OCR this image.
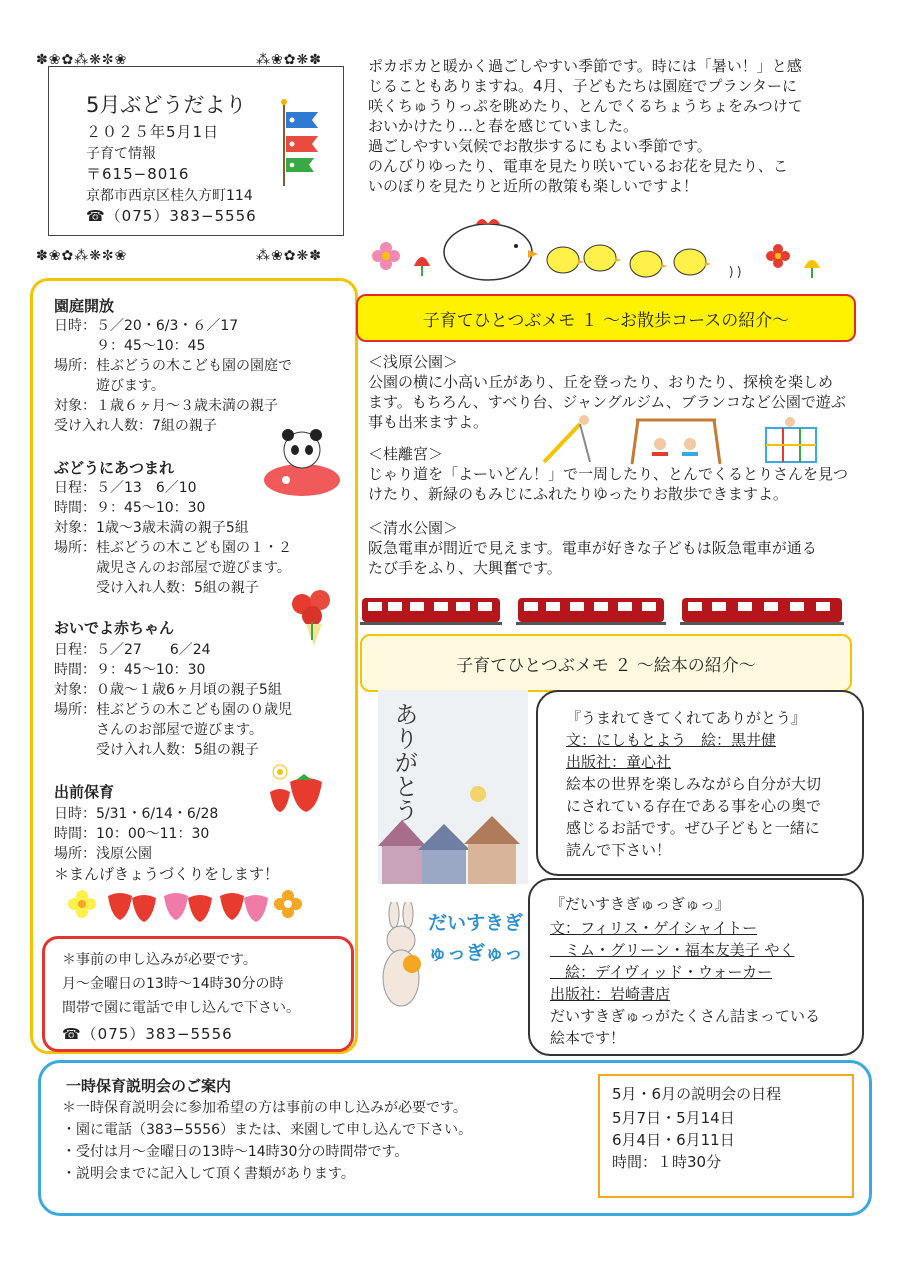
✽❀✿⁂❋✼❀	⁂❀✿❋✽
✽❀✿⁂❋✼❀	⁂❀✿❋✽
5月ぶどうだより
２０２５年5月1日
子育て情報
〒615−8016
京都市西京区桂久方町114
☎（075）383−5556
ポカポカと暖かく過ごしやすい季節です。時には「暑い！」と感
じることもありますね。4月、子どもたちは園庭でプランターに
咲くちゅうりっぷを眺めたり、とんでくるちょうちょをみつけて
おいかけたり…と春を感じていました。
過ごしやすい気候でお散歩するにもよい季節です。
のんびりゆったり、電車を見たり咲いているお花を見たり、こ
いのぼりを見たりと近所の散策も楽しいですよ！
園庭開放
日時：５／20・6/3・６／17
　　　９：45〜10：45
場所：桂ぶどうの木こども園の園庭で
　　　遊びます。
対象：１歳６ヶ月〜３歳未満の親子
受け入れ人数：7組の親子
ぶどうにあつまれ
日程：５／13　6／10
時間：９：45〜10：30
対象：1歳〜3歳未満の親子5組
場所：桂ぶどうの木こども園の１・２
　　　歳児さんのお部屋で遊びます。
　　　受け入れ人数：5組の親子
おいでよ赤ちゃん
日程：５／27　　6／24
時間：９：45〜10：30
対象：０歳〜１歳6ヶ月頃の親子5組
場所：桂ぶどうの木こども園の０歳児
　　　さんのお部屋で遊びます。
　　　受け入れ人数：5組の親子
出前保育
日時：5/31・6/14・6/28
時間：10：00〜11：30
場所：浅原公園
＊まんげきょうづくりをします！
＊事前の申し込みが必要です。
月〜金曜日の13時〜14時30分の時
間帯で園に電話で申し込んで下さい。
☎（075）383−5556
子育てひとつぶメモ １ 〜お散歩コースの紹介〜
＜浅原公園＞
公園の横に小高い丘があり、丘を登ったり、おりたり、探検を楽しめ
ます。もちろん、すべり台、ジャングルジム、ブランコなど公園で遊ぶ
事も出来ますよ。
＜桂離宮＞
じゃり道を「よーいどん！」で一周したり、とんでくるとりさんを見つ
けたり、新緑のもみじにふれたりゆったりお散歩できますよ。
＜清水公園＞
阪急電車が間近で見えます。電車が好きな子どもは阪急電車が通る
たび手をふり、大興奮です。
子育てひとつぶメモ ２ 〜絵本の紹介〜
ありがとう	『うまれてきてくれてありがとう』
文：にしもとよう　絵：黒井健
出版社：童心社
絵本の世界を楽しみながら自分が大切
にされている存在である事を心の奥で
感じるお話です。ぜひ子どもと一緒に
読んで下さい！
だいすきぎゅっぎゅっ
『だいすきぎゅっぎゅっ』
文：フィリス・ゲイシャイトー
　ミム・グリーン・福本友美子 やく
　絵：デイヴィッド・ウォーカー
出版社：岩崎書店
だいすきぎゅっがたくさん詰まっている
絵本です！
一時保育説明会のご案内
＊一時保育説明会に参加希望の方は事前の申し込みが必要です。
・園に電話（383−5556）または、来園して申し込んで下さい。
・受付は月〜金曜日の13時〜14時30分の時間帯です。
・説明会までに記入して頂く書類があります。
5月・6月の説明会の日程
5月7日・5月14日
6月4日・6月11日
時間：１時30分
